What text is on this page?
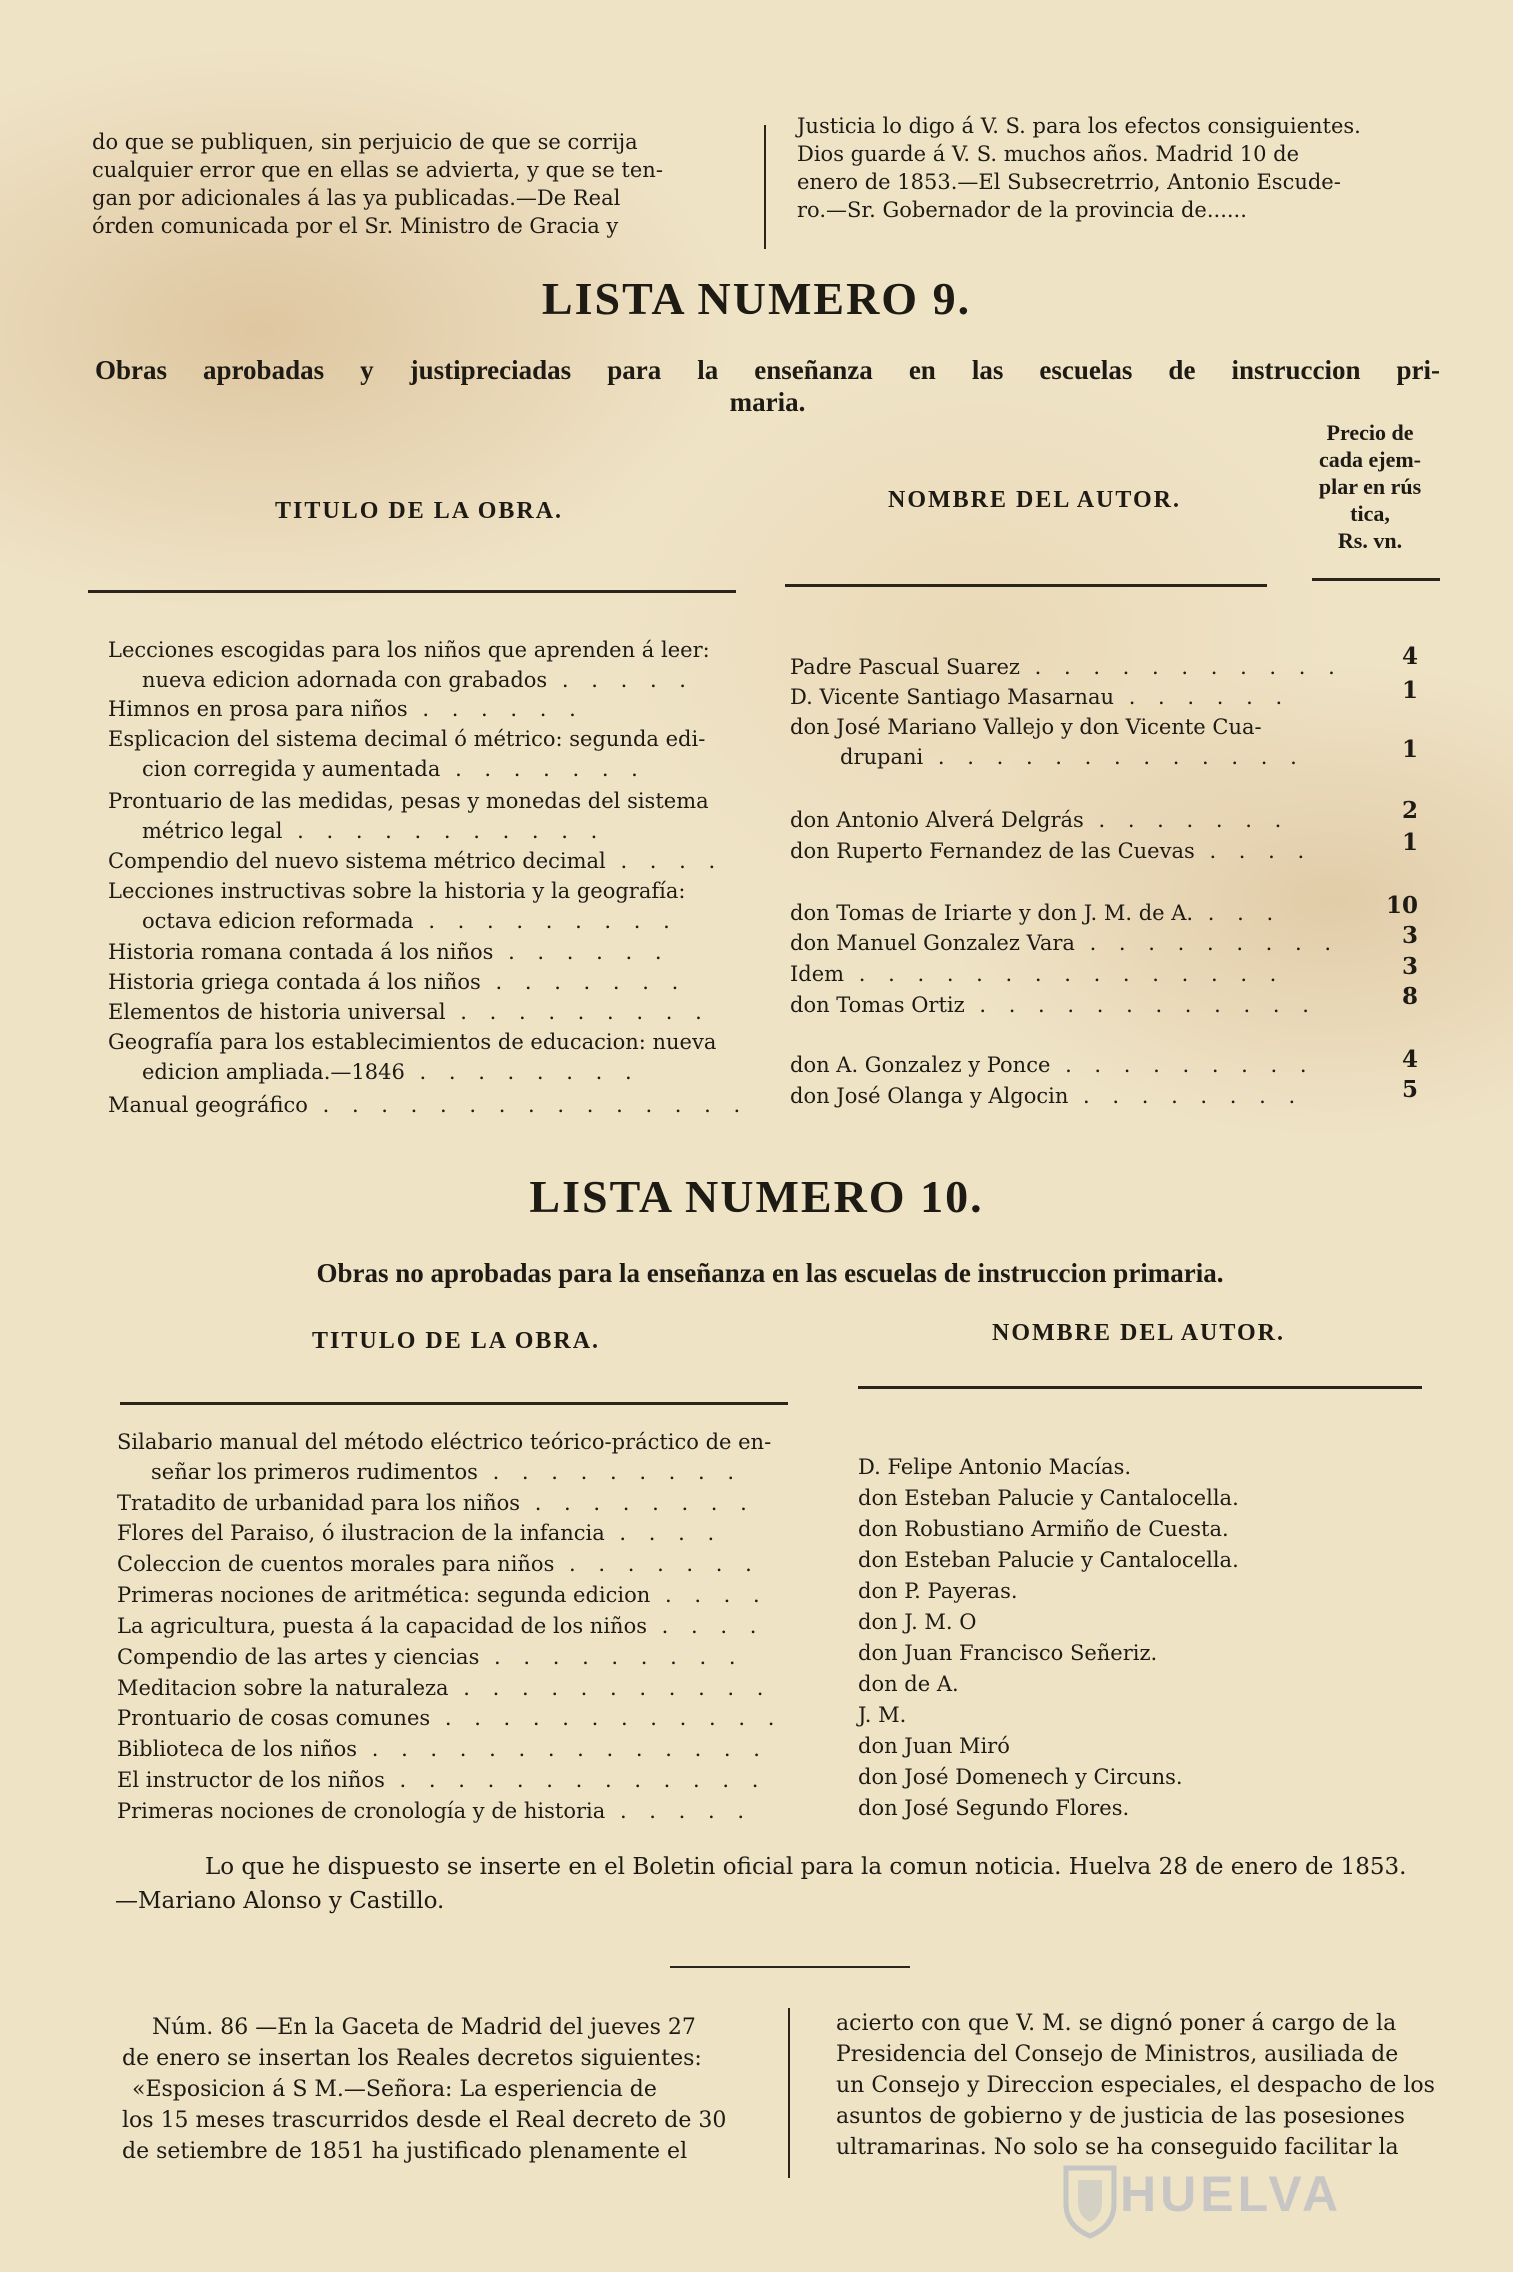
do que se publiquen, sin perjuicio de que se corrija

cualquier error que en ellas se advierta, y que se ten-

gan por adicionales á las ya publicadas.—De Real

órden comunicada por el Sr. Ministro de Gracia y

Justicia lo digo á V. S. para los efectos consiguientes.

Dios guarde á V. S. muchos años. Madrid 10 de

enero de 1853.—El Subsecretrrio, Antonio Escude-

ro.—Sr. Gobernador de la provincia de......

LISTA NUMERO 9.
Obras aprobadas y justipreciadas para la enseñanza en las escuelas de instruccion pri-
maria.
TITULO DE LA OBRA.	NOMBRE DEL AUTOR.
Precio de
cada ejem-
plar en rús
tica,
Rs. vn.
Lecciones escogidas para los niños que aprenden á leer:
nueva edicion adornada con grabados . . . . .
Himnos en prosa para niños . . . . . .
Esplicacion del sistema decimal ó métrico: segunda edi-
cion corregida y aumentada . . . . . . .
Prontuario de las medidas, pesas y monedas del sistema
métrico legal . . . . . . . . . . .
Compendio del nuevo sistema métrico decimal . . . .
Lecciones instructivas sobre la historia y la geografía:
octava edicion reformada . . . . . . . . .
Historia romana contada á los niños . . . . . .
Historia griega contada á los niños . . . . . . .
Elementos de historia universal . . . . . . . . .
Geografía para los establecimientos de educacion: nueva
edicion ampliada.—1846 . . . . . . . .
Manual geográfico . . . . . . . . . . . . . . .
Padre Pascual Suarez . . . . . . . . . . .
D. Vicente Santiago Masarnau . . . . . .
don José Mariano Vallejo y don Vicente Cua-
drupani . . . . . . . . . . . . .
don Antonio Alverá Delgrás . . . . . . .
don Ruperto Fernandez de las Cuevas . . . .
don Tomas de Iriarte y don J. M. de A. . . .
don Manuel Gonzalez Vara . . . . . . . . .
Idem . . . . . . . . . . . . . . .
don Tomas Ortiz . . . . . . . . . . . .
don A. Gonzalez y Ponce . . . . . . . . .
don José Olanga y Algocin . . . . . . . .
4
1
1
2
1
10
3
3
8
4
5
LISTA NUMERO 10.
Obras no aprobadas para la enseñanza en las escuelas de instruccion primaria.
TITULO DE LA OBRA.	NOMBRE DEL AUTOR.
Silabario manual del método eléctrico teórico-práctico de en-
señar los primeros rudimentos . . . . . . . . .
Tratadito de urbanidad para los niños . . . . . . . .
Flores del Paraiso, ó ilustracion de la infancia . . . .
Coleccion de cuentos morales para niños . . . . . . .
Primeras nociones de aritmética: segunda edicion . . . .
La agricultura, puesta á la capacidad de los niños . . . .
Compendio de las artes y ciencias . . . . . . . . .
Meditacion sobre la naturaleza . . . . . . . . . . .
Prontuario de cosas comunes . . . . . . . . . . . .
Biblioteca de los niños . . . . . . . . . . . . . .
El instructor de los niños . . . . . . . . . . . . .
Primeras nociones de cronología y de historia . . . . .
D. Felipe Antonio Macías.
don Esteban Palucie y Cantalocella.
don Robustiano Armiño de Cuesta.
don Esteban Palucie y Cantalocella.
don P. Payeras.
don J. M. O
don Juan Francisco Señeriz.
don de A.
J. M.
don Juan Miró
don José Domenech y Circuns.
don José Segundo Flores.
Lo que he dispuesto se inserte en el Boletin oficial para la comun noticia. Huelva 28 de enero de 1853.
—Mariano Alonso y Castillo.

Núm. 86 —En la Gaceta de Madrid del jueves 27

de enero se insertan los Reales decretos siguientes:

«Esposicion á S M.—Señora: La esperiencia de

los 15 meses trascurridos desde el Real decreto de 30

de setiembre de 1851 ha justificado plenamente el

acierto con que V. M. se dignó poner á cargo de la

Presidencia del Consejo de Ministros, ausiliada de

un Consejo y Direccion especiales, el despacho de los

asuntos de gobierno y de justicia de las posesiones

ultramarinas. No solo se ha conseguido facilitar la

HUELVA
